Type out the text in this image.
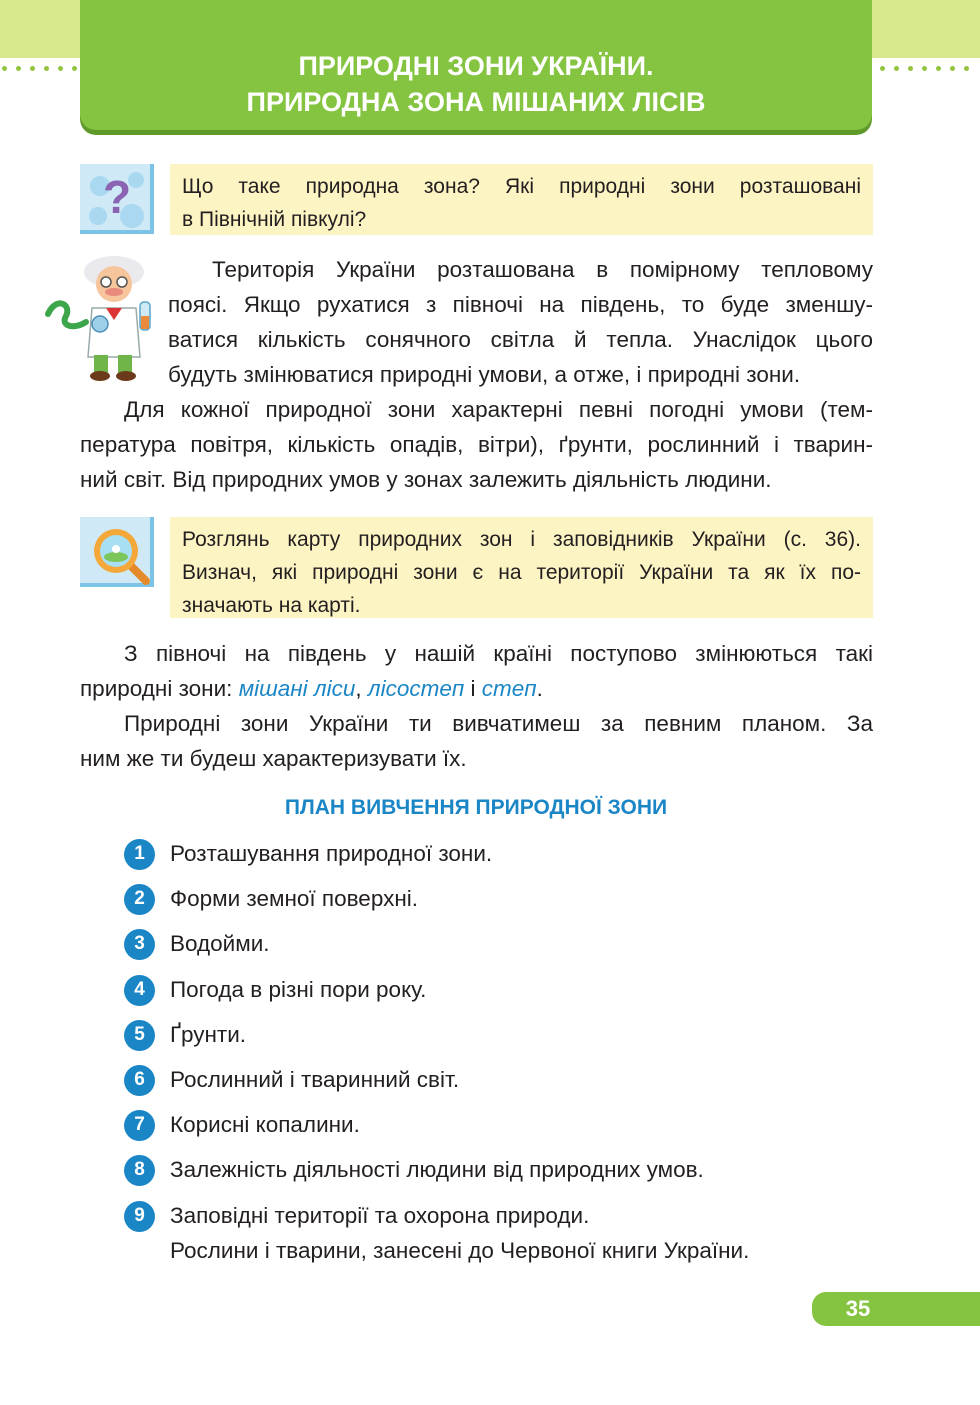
ПРИРОДНІ ЗОНИ УКРАЇНИ.
ПРИРОДНА ЗОНА МІШАНИХ ЛІСІВ
? Що таке природна зона? Які природні зони розташовані

в Північній півкулі?

Територія України розташована в помірному тепловому
поясі. Якщо рухатися з півночі на південь, то буде зменшу-
ватися кількість сонячного світла й тепла. Унаслідок цього
будуть змінюватися природні умови, а отже, і природні зони.
Для кожної природної зони характерні певні погодні умови (тем-
пература повітря, кількість опадів, вітри), ґрунти, рослинний і тварин-
ний світ. Від природних умов у зонах залежить діяльність людини.

Розглянь карту природних зон і заповідників України (с. 36).

Визнач, які природні зони є на території України та як їх по-

значають на карті.

З півночі на південь у нашій країні поступово змінюються такі
природні зони: мішані ліси, лісостеп і степ.
Природні зони України ти вивчатимеш за певним планом. За
ним же ти будеш характеризувати їх.
ПЛАН ВИВЧЕННЯ ПРИРОДНОЇ ЗОНИ
1	Розташування природної зони.
2	Форми земної поверхні.
3	Водойми.
4	Погода в різні пори року.
5	Ґрунти.
6	Рослинний і тваринний світ.
7	Корисні копалини.
8	Залежність діяльності людини від природних умов.
9	Заповідні території та охорона природи.
Рослини і тварини, занесені до Червоної книги України.
35
